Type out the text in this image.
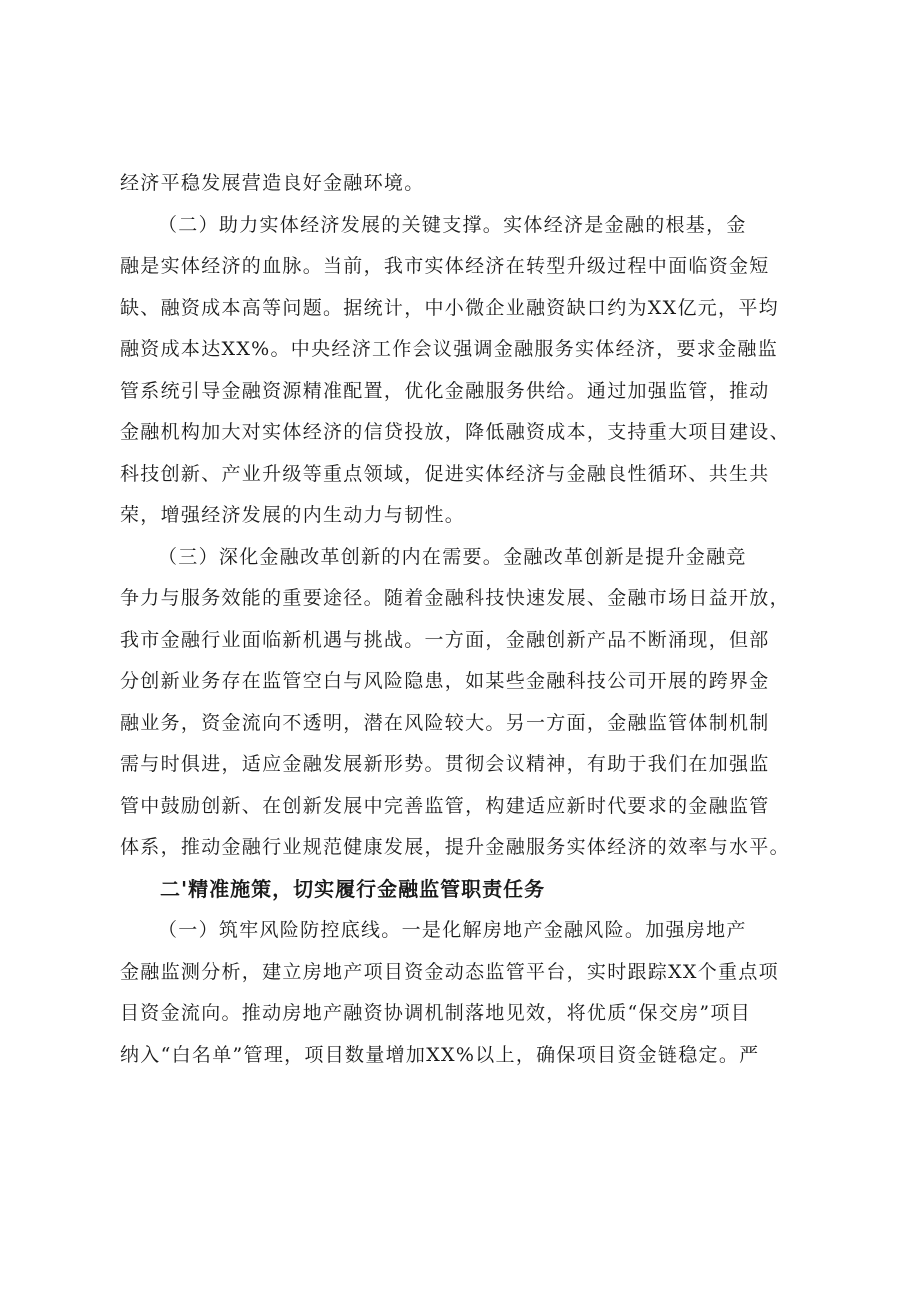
经济平稳发展营造良好金融环境。
（二）助力实体经济发展的关键支撑。实体经济是金融的根基，金
融是实体经济的血脉。当前，我市实体经济在转型升级过程中面临资金短
缺、融资成本高等问题。据统计，中小微企业融资缺口约为XX亿元，平均
融资成本达XX%。中央经济工作会议强调金融服务实体经济，要求金融监
管系统引导金融资源精准配置，优化金融服务供给。通过加强监管，推动
金融机构加大对实体经济的信贷投放，降低融资成本，支持重大项目建设、
科技创新、产业升级等重点领域，促进实体经济与金融良性循环、共生共
荣，增强经济发展的内生动力与韧性。
（三）深化金融改革创新的内在需要。金融改革创新是提升金融竞
争力与服务效能的重要途径。随着金融科技快速发展、金融市场日益开放，
我市金融行业面临新机遇与挑战。一方面，金融创新产品不断涌现，但部
分创新业务存在监管空白与风险隐患，如某些金融科技公司开展的跨界金
融业务，资金流向不透明，潜在风险较大。另一方面，金融监管体制机制
需与时俱进，适应金融发展新形势。贯彻会议精神，有助于我们在加强监
管中鼓励创新、在创新发展中完善监管，构建适应新时代要求的金融监管
体系，推动金融行业规范健康发展，提升金融服务实体经济的效率与水平。
二'精准施策，切实履行金融监管职责任务
（一）筑牢风险防控底线。一是化解房地产金融风险。加强房地产
金融监测分析，建立房地产项目资金动态监管平台，实时跟踪XX个重点项
目资金流向。推动房地产融资协调机制落地见效，将优质“保交房”项目
纳入“白名单”管理，项目数量增加XX%以上，确保项目资金链稳定。严
